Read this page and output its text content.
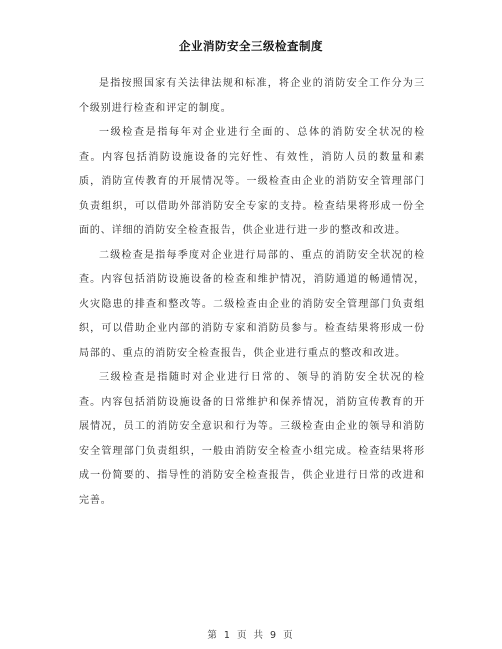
企业消防安全三级检查制度

是指按照国家有关法律法规和标准，将企业的消防安全工作分为三个级别进行检查和评定的制度。

一级检查是指每年对企业进行全面的、总体的消防安全状况的检查。内容包括消防设施设备的完好性、有效性，消防人员的数量和素质，消防宣传教育的开展情况等。一级检查由企业的消防安全管理部门负责组织，可以借助外部消防安全专家的支持。检查结果将形成一份全面的、详细的消防安全检查报告，供企业进行进一步的整改和改进。

二级检查是指每季度对企业进行局部的、重点的消防安全状况的检查。内容包括消防设施设备的检查和维护情况，消防通道的畅通情况，火灾隐患的排查和整改等。二级检查由企业的消防安全管理部门负责组织，可以借助企业内部的消防专家和消防员参与。检查结果将形成一份局部的、重点的消防安全检查报告，供企业进行重点的整改和改进。

三级检查是指随时对企业进行日常的、领导的消防安全状况的检查。内容包括消防设施设备的日常维护和保养情况，消防宣传教育的开展情况，员工的消防安全意识和行为等。三级检查由企业的领导和消防安全管理部门负责组织，一般由消防安全检查小组完成。检查结果将形成一份简要的、指导性的消防安全检查报告，供企业进行日常的改进和完善。

第 1 页 共 9 页
